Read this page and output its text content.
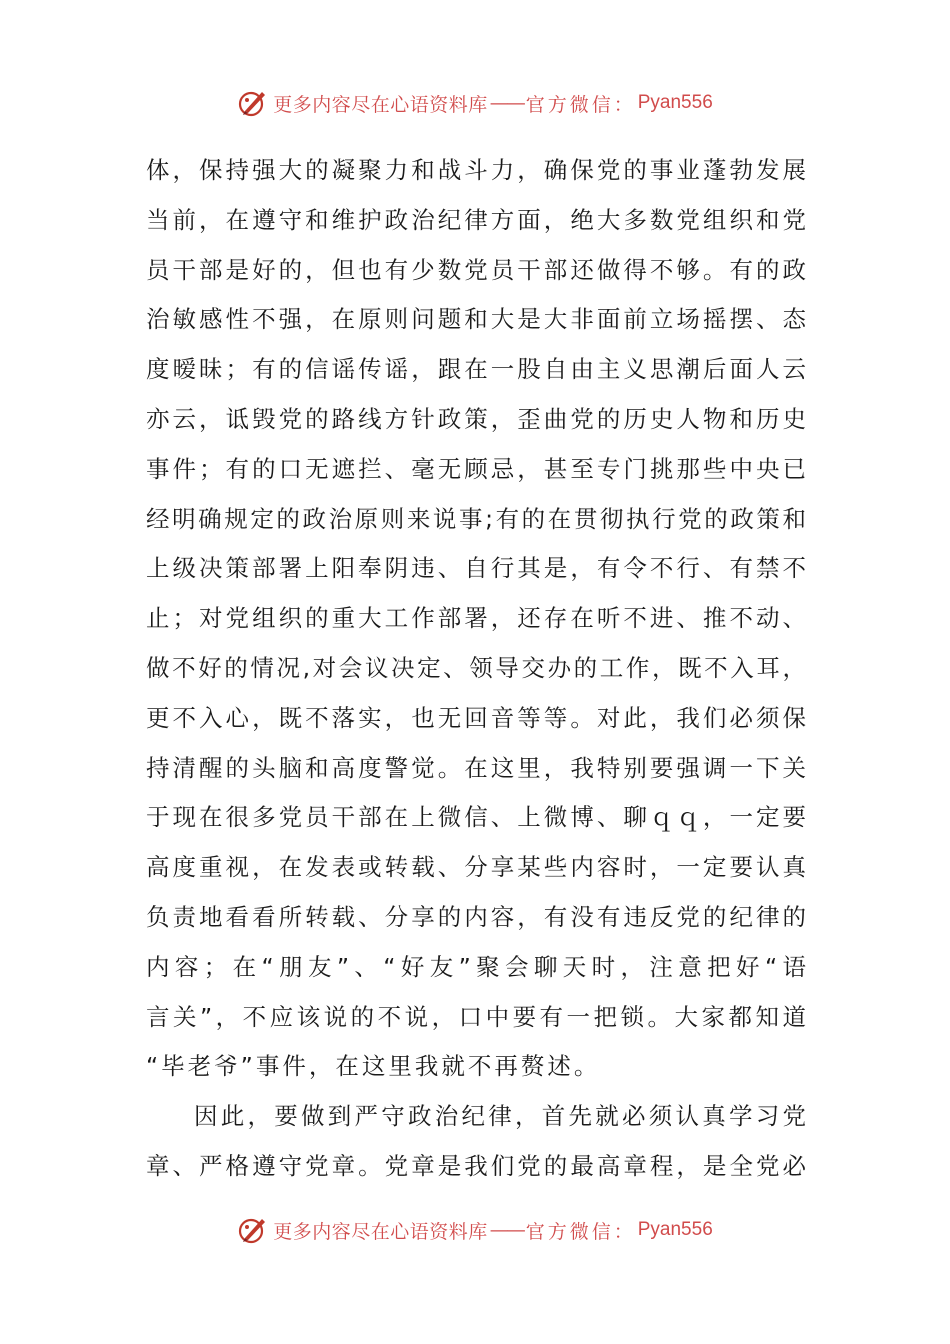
更多内容尽在心语资料库 —— 官方微信： Pyan556
体，保持强大的凝聚力和战斗力，确保党的事业蓬勃发展
当前，在遵守和维护政治纪律方面，绝大多数党组织和党
员干部是好的，但也有少数党员干部还做得不够。有的政
治敏感性不强，在原则问题和大是大非面前立场摇摆、态
度暧昧；有的信谣传谣，跟在一股自由主义思潮后面人云
亦云，诋毁党的路线方针政策，歪曲党的历史人物和历史
事件；有的口无遮拦、毫无顾忌，甚至专门挑那些中央已
经明确规定的政治原则来说事;有的在贯彻执行党的政策和
上级决策部署上阳奉阴违、自行其是，有令不行、有禁不
止；对党组织的重大工作部署，还存在听不进、推不动、
做不好的情况,对会议决定、领导交办的工作，既不入耳，
更不入心，既不落实，也无回音等等。对此，我们必须保
持清醒的头脑和高度警觉。在这里，我特别要强调一下关
于现在很多党员干部在上微信、上微博、聊ｑｑ，一定要
高度重视，在发表或转载、分享某些内容时，一定要认真
负责地看看所转载、分享的内容，有没有违反党的纪律的
内容；在“朋友”、“好友”聚会聊天时，注意把好“语
言关”，不应该说的不说，口中要有一把锁。大家都知道
“毕老爷”事件，在这里我就不再赘述。
因此，要做到严守政治纪律，首先就必须认真学习党
章、严格遵守党章。党章是我们党的最高章程，是全党必
更多内容尽在心语资料库 —— 官方微信： Pyan556
